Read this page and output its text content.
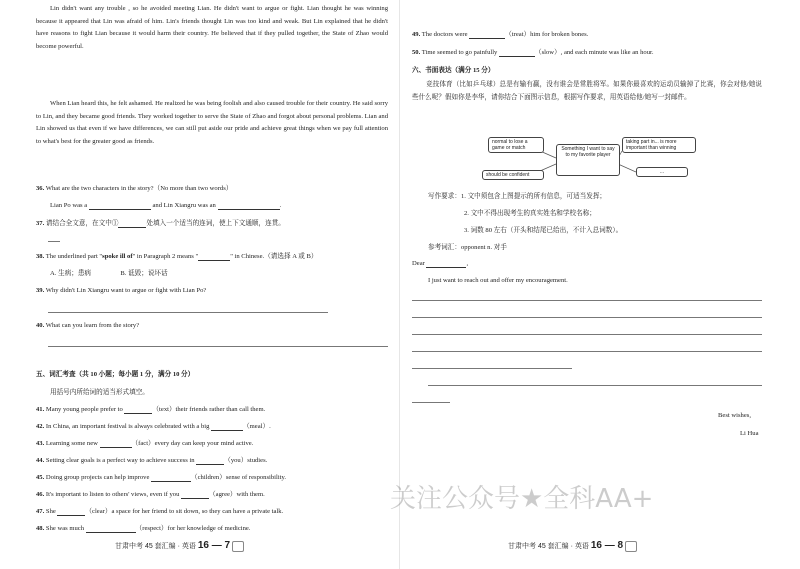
Lin didn't want any trouble , so he avoided meeting Lian. He didn't want to argue or fight. Lian thought he was winning because it appeared that Lin was afraid of him. Lin's friends thought Lin was too kind and weak. But Lin explained that he didn't have reasons to fight Lian because it would harm their country. He believed that if they pulled together, the State of Zhao would become powerful.
When Lian heard this, he felt ashamed. He realized he was being foolish and also caused trouble for their country. He said sorry to Lin, and they became good friends. They worked together to serve the State of Zhao and forgot about personal problems. Lian and Lin showed us that even if we have differences, we can still put aside our pride and achieve great things when we pay full attention to what's best for the greater good as friends.
36. What are the two characters in the story?（No more than two words）
Lian Po was a	and Lin Xiangru was an	.
37. 请结合全文意，在文中①	处填入一个适当的连词，使上下文通顺，连贯。
38. The underlined part "spoke ill of" in Paragraph 2 means "	" in Chinese.（请选择 A 或 B）
A. 生病；患病	B. 诋毁；说坏话
39. Why didn't Lin Xiangru want to argue or fight with Lian Po?
40. What can you learn from the story?
五、词汇考查（共 10 小题；每小题 1 分，满分 10 分）
用括号内所给词的适当形式填空。
41. Many young people prefer to	（text）their friends rather than call them.
42. In China, an important festival is always celebrated with a big	（meal）.
43. Learning some new	（fact）every day can keep your mind active.
44. Setting clear goals is a perfect way to achieve success in	（you）studies.
45. Doing group projects can help improve	（children）sense of responsibility.
46. It's important to listen to others' views, even if you	（agree）with them.
47. She	（clear）a space for her friend to sit down, so they can have a private talk.
48. She was much	（respect）for her knowledge of medicine.
甘肃中考 45 套汇编 · 英语 16 — 7
49. The doctors were	（treat）him for broken bones.
50. Time seemed to go painfully	（slow）, and each minute was like an hour.
六、书面表达（满分 15 分）
竞技体育（比如乒乓球）总是有输有赢，没有谁会是常胜将军。如果你最喜欢的运动员输掉了比赛，你会对他/她说些什么呢？假如你是李华，请你结合下面图示信息，根据写作要求，用英语给他/她写一封邮件。
normal to lose a game or match
should be confident
Something I want to say to my favorite player
taking part in... is more important than winning
...
写作要求：1. 文中须包含上图提示的所有信息，可适当发挥；
2. 文中不得出现考生的真实姓名和学校名称；
3. 词数 80 左右（开头和结尾已给出，不计入总词数）。
参考词汇：opponent n. 对手
Dear	,
I just want to reach out and offer my encouragement.
Best wishes,
Li Hua
甘肃中考 45 套汇编 · 英语 16 — 8
关注公众号★全科AA+
